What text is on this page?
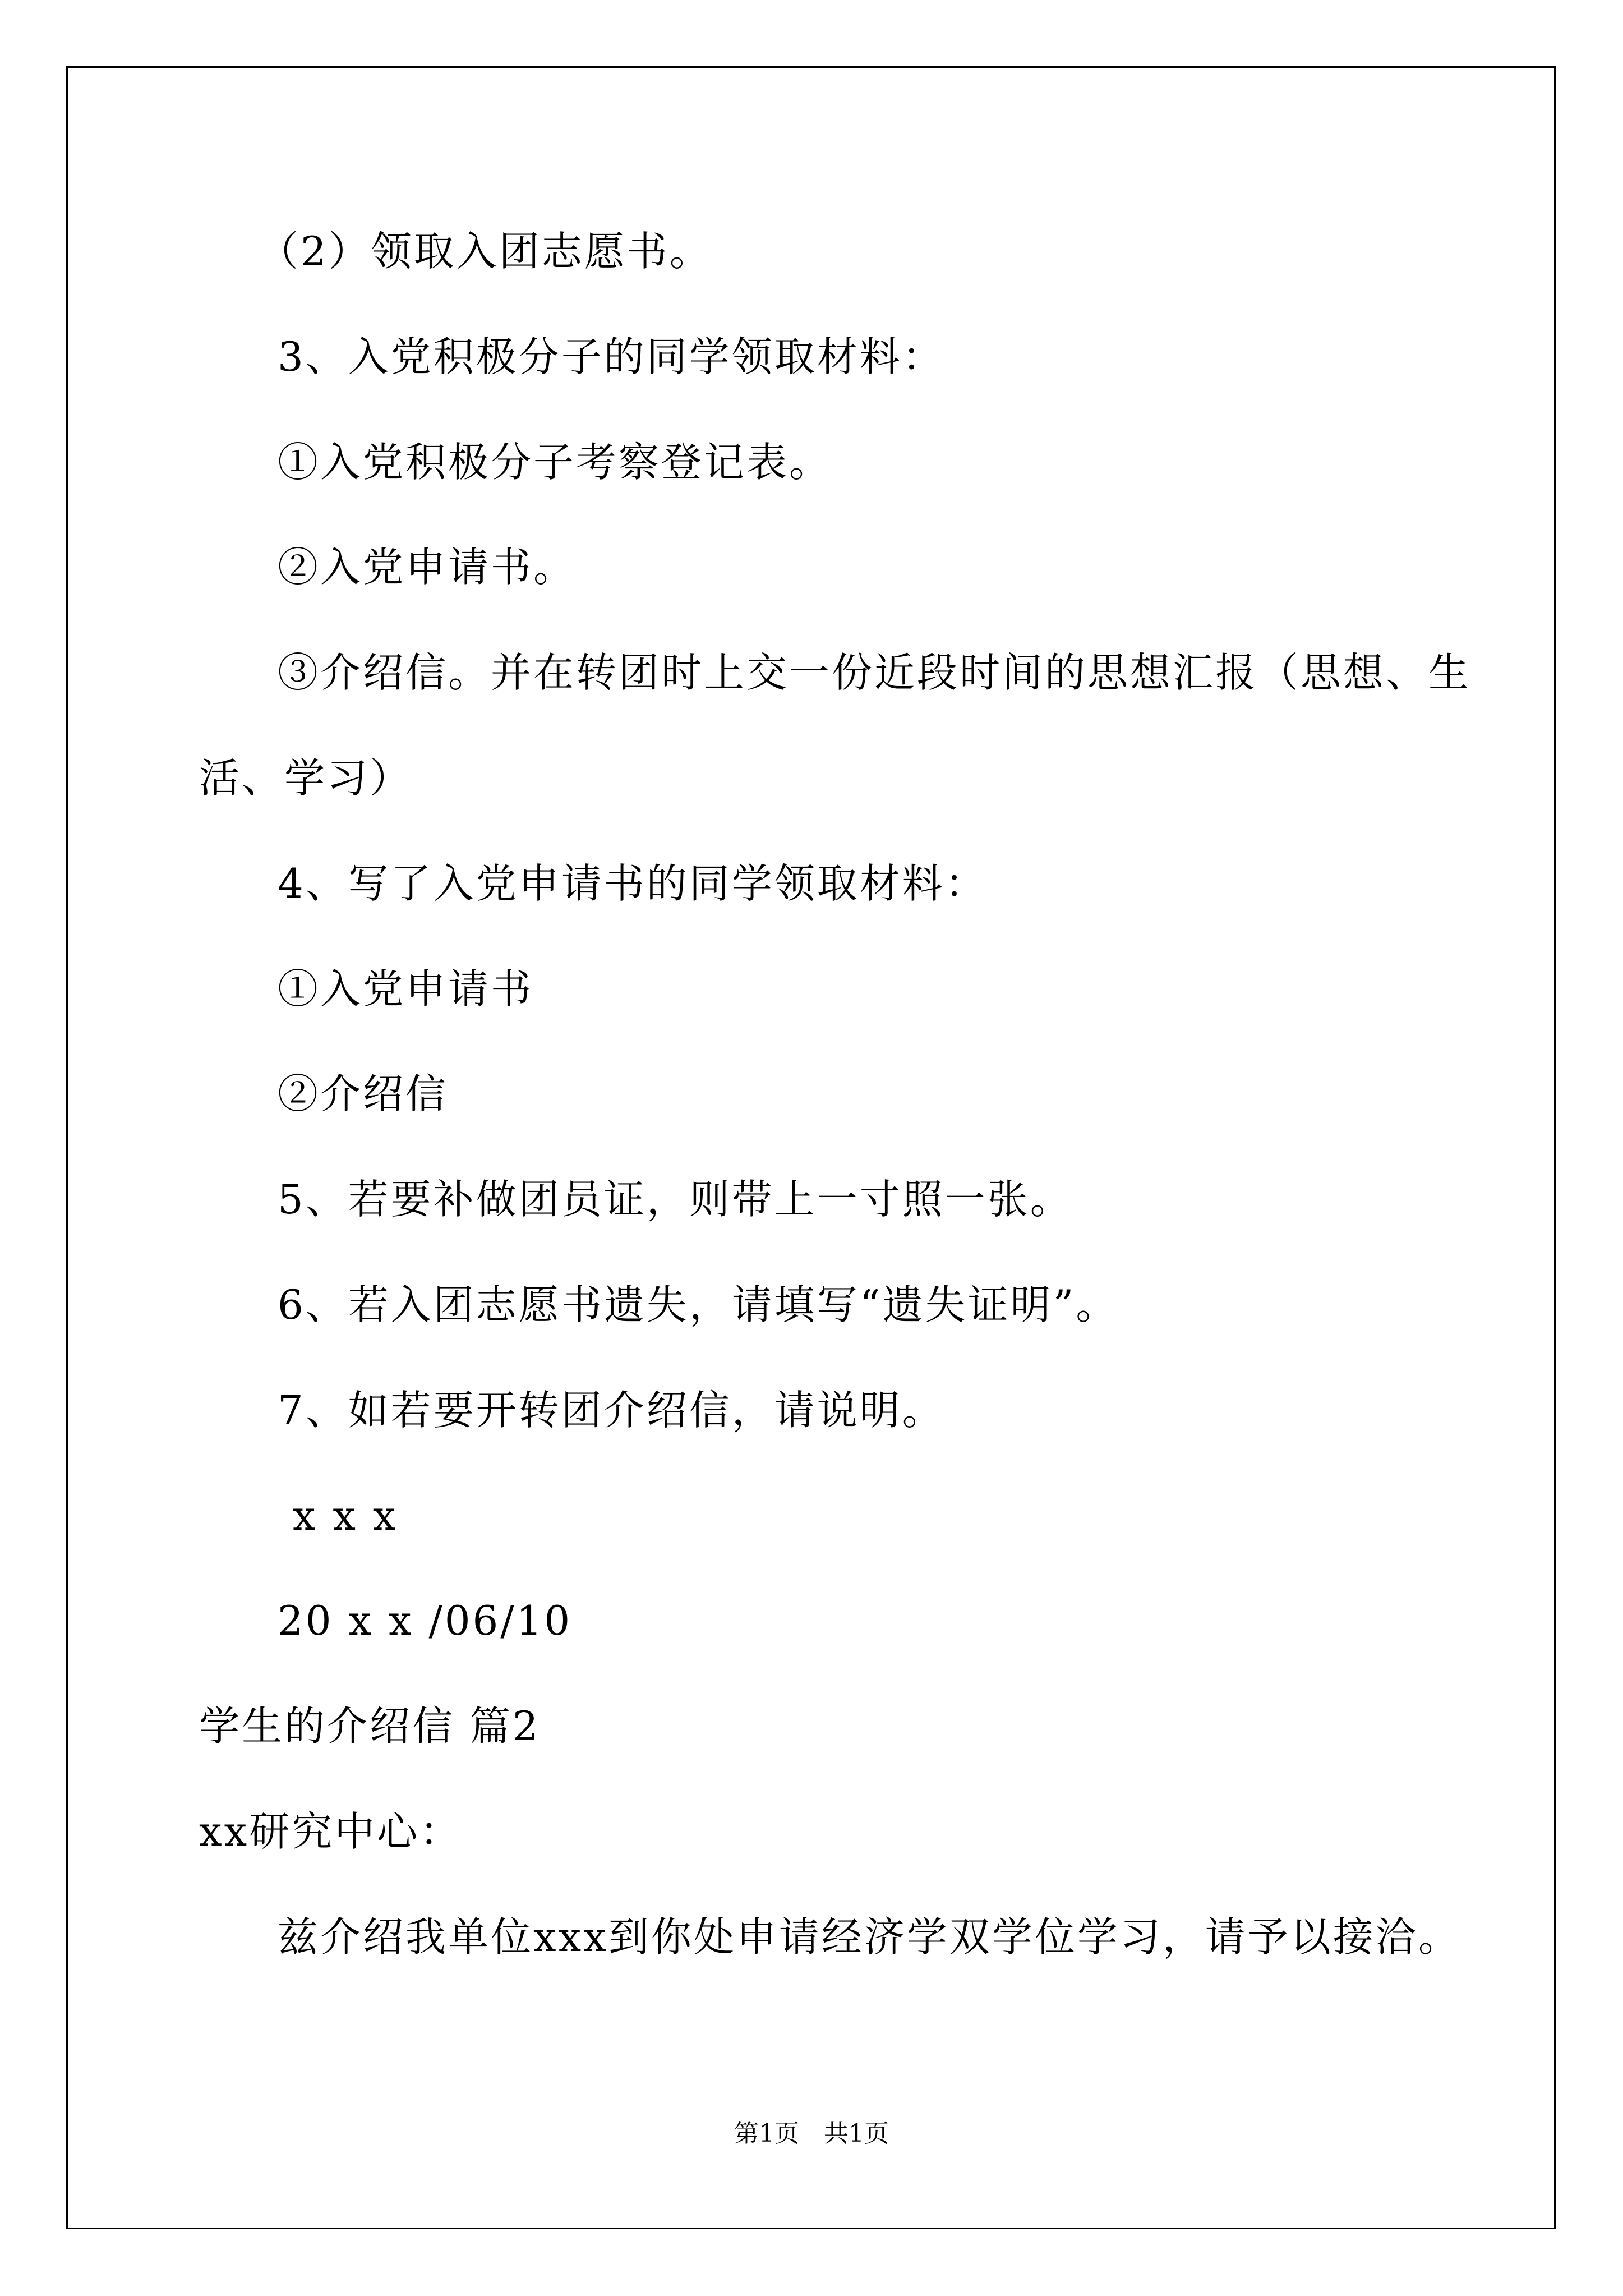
（2）领取入团志愿书。
3、入党积极分子的同学领取材料：
①入党积极分子考察登记表。
②入党申请书。
③介绍信。并在转团时上交一份近段时间的思想汇报（思想、生
活、学习）
4、写了入党申请书的同学领取材料：
①入党申请书
②介绍信
5、若要补做团员证，则带上一寸照一张。
6、若入团志愿书遗失，请填写“遗失证明”。
7、如若要开转团介绍信，请说明。
x x x
20 x x /06/10
学生的介绍信 篇2
xx研究中心：
兹介绍我单位xxx到你处申请经济学双学位学习，请予以接洽。
第1页　共1页
